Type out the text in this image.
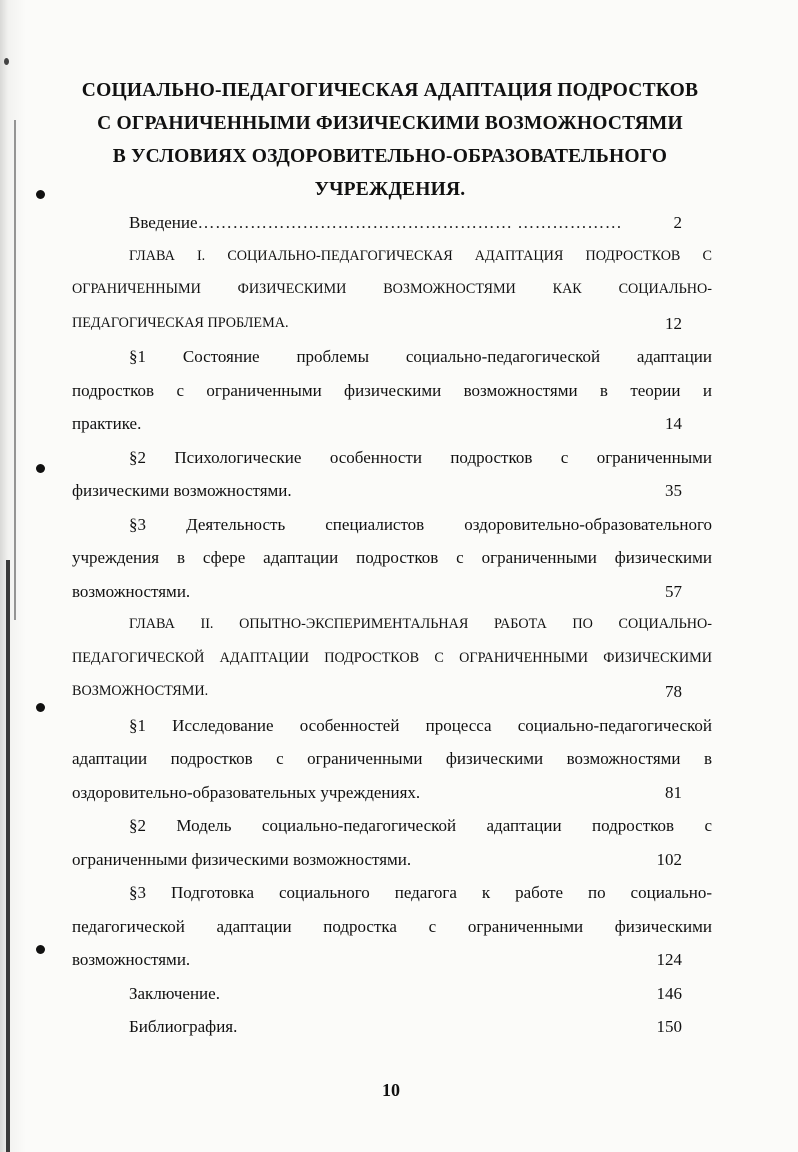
СОЦИАЛЬНО-ПЕДАГОГИЧЕСКАЯ АДАПТАЦИЯ ПОДРОСТКОВ
С ОГРАНИЧЕННЫМИ ФИЗИЧЕСКИМИ ВОЗМОЖНОСТЯМИ
В УСЛОВИЯХ ОЗДОРОВИТЕЛЬНО-ОБРАЗОВАТЕЛЬНОГО
УЧРЕЖДЕНИЯ.
Введение……………………………………………… ………………	2
ГЛАВА I. СОЦИАЛЬНО-ПЕДАГОГИЧЕСКАЯ АДАПТАЦИЯ ПОДРОСТКОВ С
ОГРАНИЧЕННЫМИ ФИЗИЧЕСКИМИ ВОЗМОЖНОСТЯМИ КАК СОЦИАЛЬНО-
ПЕДАГОГИЧЕСКАЯ ПРОБЛЕМА.	12
§1 Состояние проблемы социально-педагогической адаптации
подростков с ограниченными физическими возможностями в теории и
практике.	14
§2 Психологические особенности подростков с ограниченными
физическими возможностями.	35
§3 Деятельность специалистов оздоровительно-образовательного
учреждения в сфере адаптации подростков с ограниченными физическими
возможностями.	57
ГЛАВА II. ОПЫТНО-ЭКСПЕРИМЕНТАЛЬНАЯ РАБОТА ПО СОЦИАЛЬНО-
ПЕДАГОГИЧЕСКОЙ АДАПТАЦИИ ПОДРОСТКОВ С ОГРАНИЧЕННЫМИ ФИЗИЧЕСКИМИ
ВОЗМОЖНОСТЯМИ.	78
§1 Исследование особенностей процесса социально-педагогической
адаптации подростков с ограниченными физическими возможностями в
оздоровительно-образовательных учреждениях.	81
§2 Модель социально-педагогической адаптации подростков с
ограниченными физическими возможностями.	102
§3 Подготовка социального педагога к работе по социально-
педагогической адаптации подростка с ограниченными физическими
возможностями.	124
Заключение.	146
Библиография.	150
10
